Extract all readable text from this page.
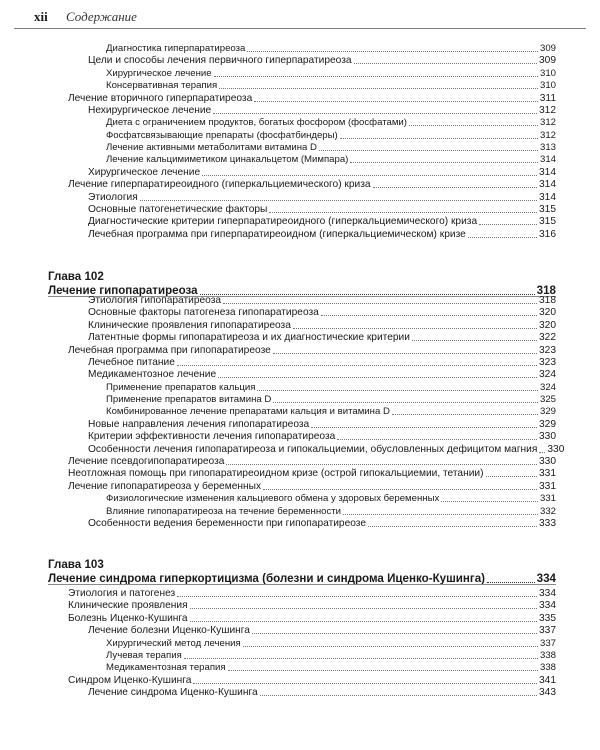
xii Содержание
Диагностика гиперпаратиреоза	309
Цели и способы лечения первичного гиперпаратиреоза	309
Хирургическое лечение	310
Консервативная терапия	310
Лечение вторичного гиперпаратиреоза	311
Нехирургическое лечение	312
Диета с ограничением продуктов, богатых фосфором (фосфатами)	312
Фосфатсвязывающие препараты (фосфатбиндеры)	312
Лечение активными метаболитами витамина D	313
Лечение кальцимиметиком цинакальцетом (Мимпара)	314
Хирургическое лечение	314
Лечение гиперпаратиреоидного (гиперкальциемического) криза	314
Этиология	314
Основные патогенетические факторы	315
Диагностические критерии гиперпаратиреоидного (гиперкальциемического) криза	315
Лечебная программа при гиперпаратиреоидном (гиперкальциемическом) кризе	316
Глава 102
Лечение гипопаратиреоза	318
Этиология гипопаратиреоза	318
Основные факторы патогенеза гипопаратиреоза	320
Клинические проявления гипопаратиреоза	320
Латентные формы гипопаратиреоза и их диагностические критерии	322
Лечебная программа при гипопаратиреозе	323
Лечебное питание	323
Медикаментозное лечение	324
Применение препаратов кальция	324
Применение препаратов витамина D	325
Комбинированное лечение препаратами кальция и витамина D	329
Новые направления лечения гипопаратиреоза	329
Критерии эффективности лечения гипопаратиреоза	330
Особенности лечения гипопаратиреоза и гипокальциемии, обусловленных дефицитом магния 330
Лечение псевдогипопаратиреоза	330
Неотложная помощь при гипопаратиреоидном кризе (острой гипокальциемии, тетании)	331
Лечение гипопаратиреоза у беременных	331
Физиологические изменения кальциевого обмена у здоровых беременных	331
Влияние гипопаратиреоза на течение беременности	332
Особенности ведения беременности при гипопаратиреозе	333
Глава 103
Лечение синдрома гиперкортицизма (болезни и синдрома Иценко-Кушинга)	334
Этиология и патогенез	334
Клинические проявления	334
Болезнь Иценко-Кушинга	335
Лечение болезни Иценко-Кушинга	337
Хирургический метод лечения	337
Лучевая терапия	338
Медикаментозная терапия	338
Синдром Иценко-Кушинга	341
Лечение синдрома Иценко-Кушинга	343
